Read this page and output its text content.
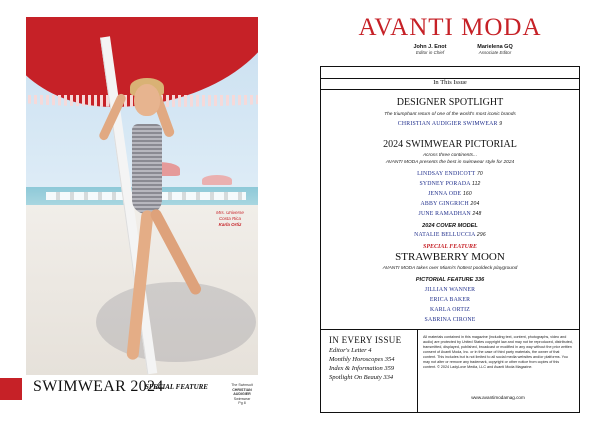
Mrs. Universe
Costa Rica
Karla Ortiz
The Swimsuit
CHRISTIAN AUDIGIER
Swimwear
Pg 8
SWIMWEAR 2024
SPECIAL FEATURE
AVANTI MODA
John J. Enot
Editor in Chief
Marielena GQ
Associate Editor
In This Issue
DESIGNER SPOTLIGHT
The triumphant return of one of the world's most iconic brands
CHRISTIAN AUDIGIER SWIMWEAR 9
2024 SWIMWEAR PICTORIAL
Across three continents...
AVANTI MODA presents the best in swimwear style for 2024
LINDSAY ENDICOTT 70
SYDNEY PORADA 112
JENNA ODE 160
ABBY GINGRICH 204
JUNE RAMADHAN 248
2024 COVER MODEL
NATALIE BELLUCCIA 296
SPECIAL FEATURE
STRAWBERRY MOON
AVANTI MODA takes over Miami's hottest pooldeck playground
PICTORIAL FEATURE 336
JILLIAN WANNER
ERICA BAKER
KARLA ORTIZ
SABRINA CIRONE
IN EVERY ISSUE
Editor's Letter 4
Monthly Horoscopes 354
Index & Information 359
Spotlight On Beauty 334
All materials contained in this magazine (including text, content, photographs, video and audio) are protected by United States copyright law and may not be reproduced, distributed, transmitted, displayed, published, broadcast or modified in any way without the prior written consent of Avanti Moda, Inc. or in the case of third party materials, the owner of that content. This includes but is not limited to all social media websites and/or platforms. You may not alter or remove any trademark, copyright or other notice from copies of this content. © 2024 LadyLove Media, LLC and Avanti Moda Magazine.
www.avantimodamag.com
